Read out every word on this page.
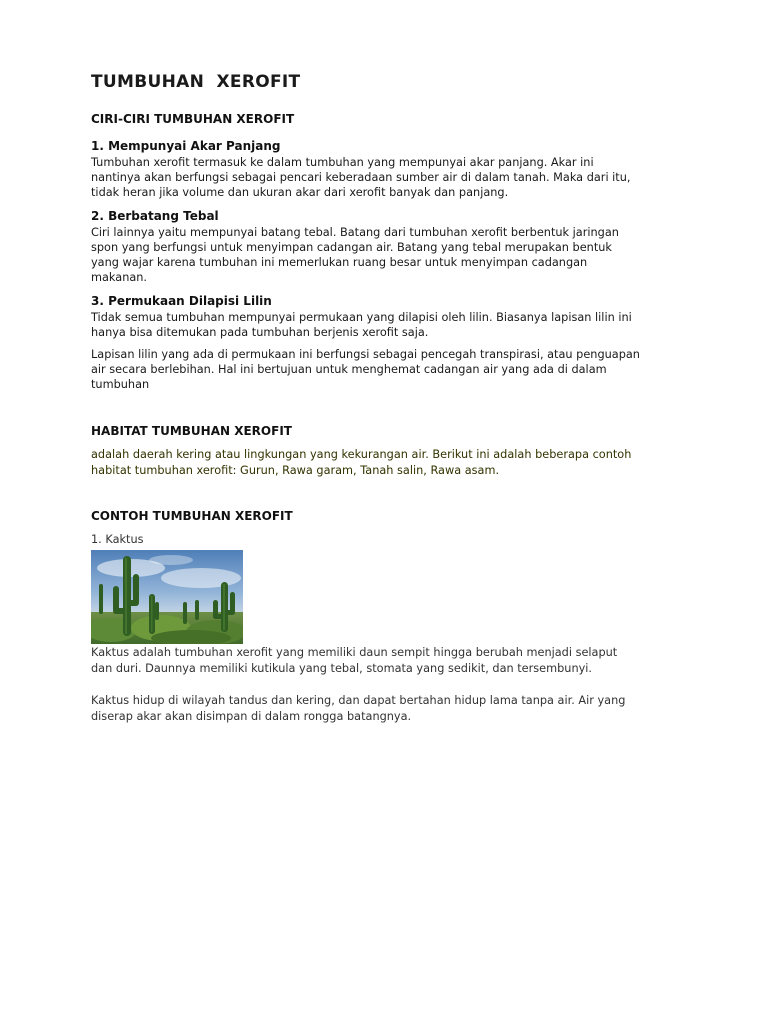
TUMBUHAN  XEROFIT
CIRI-CIRI TUMBUHAN XEROFIT
1. Mempunyai Akar Panjang

Tumbuhan xerofit termasuk ke dalam tumbuhan yang mempunyai akar panjang. Akar ini
nantinya akan berfungsi sebagai pencari keberadaan sumber air di dalam tanah. Maka dari itu,
tidak heran jika volume dan ukuran akar dari xerofit banyak dan panjang.

2. Berbatang Tebal

Ciri lainnya yaitu mempunyai batang tebal. Batang dari tumbuhan xerofit berbentuk jaringan
spon yang berfungsi untuk menyimpan cadangan air. Batang yang tebal merupakan bentuk
yang wajar karena tumbuhan ini memerlukan ruang besar untuk menyimpan cadangan
makanan.

3. Permukaan Dilapisi Lilin

Tidak semua tumbuhan mempunyai permukaan yang dilapisi oleh lilin. Biasanya lapisan lilin ini
hanya bisa ditemukan pada tumbuhan berjenis xerofit saja.

Lapisan lilin yang ada di permukaan ini berfungsi sebagai pencegah transpirasi, atau penguapan
air secara berlebihan. Hal ini bertujuan untuk menghemat cadangan air yang ada di dalam
tumbuhan

HABITAT TUMBUHAN XEROFIT

adalah daerah kering atau lingkungan yang kekurangan air. Berikut ini adalah beberapa contoh
habitat tumbuhan xerofit: Gurun, Rawa garam, Tanah salin, Rawa asam.

CONTOH TUMBUHAN XEROFIT

1. Kaktus

Kaktus adalah tumbuhan xerofit yang memiliki daun sempit hingga berubah menjadi selaput
dan duri. Daunnya memiliki kutikula yang tebal, stomata yang sedikit, dan tersembunyi.

Kaktus hidup di wilayah tandus dan kering, dan dapat bertahan hidup lama tanpa air. Air yang
diserap akar akan disimpan di dalam rongga batangnya.
